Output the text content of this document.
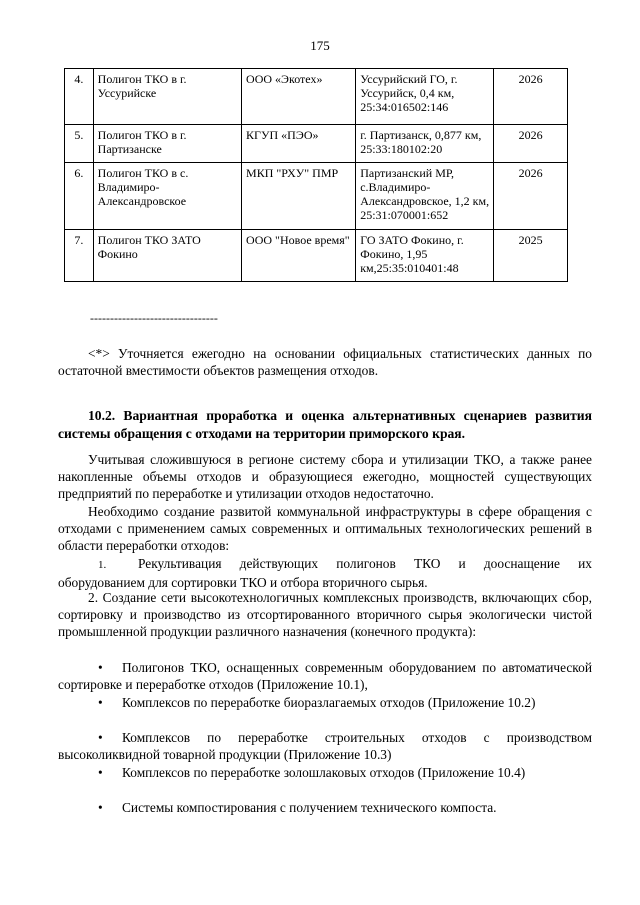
175
4.	Полигон ТКО в г. Уссурийске	ООО «Экотех»	Уссурийский ГО, г. Уссурийск, 0,4 км, 25:34:016502:146	2026
5.	Полигон ТКО в г. Партизанске	КГУП «ПЭО»	г. Партизанск, 0,877 км, 25:33:180102:20	2026
6.	Полигон ТКО в с. Владимиро-Александровское	МКП "РХУ" ПМР	Партизанский МР, с.Владимиро-Александровское, 1,2 км, 25:31:070001:652	2026
7.	Полигон ТКО ЗАТО Фокино	ООО "Новое время"	ГО ЗАТО Фокино, г. Фокино, 1,95 км,25:35:010401:48	2025
--------------------------------
<*> Уточняется ежегодно на основании официальных статистических данных по остаточной вместимости объектов размещения отходов.
10.2. Вариантная проработка и оценка альтернативных сценариев развития системы обращения с отходами на территории приморского края.
Учитывая сложившуюся в регионе систему сбора и утилизации ТКО, а также ранее накопленные объемы отходов и образующиеся ежегодно, мощностей существующих предприятий по переработке и утилизации отходов недостаточно.
Необходимо создание развитой коммунальной инфраструктуры в сфере обращения с отходами с применением самых современных и оптимальных технологических решений в области переработки отходов:
1. Рекультивация действующих полигонов ТКО и дооснащение их оборудованием для сортировки ТКО и отбора вторичного сырья.
2. Создание сети высокотехнологичных комплексных производств, включающих сбор, сортировку и производство из отсортированного вторичного сырья экологически чистой промышленной продукции различного назначения (конечного продукта):
• Полигонов ТКО, оснащенных современным оборудованием по автоматической сортировке и переработке отходов (Приложение 10.1),
• Комплексов по переработке биоразлагаемых отходов (Приложение 10.2)
• Комплексов по переработке строительных отходов с производством высоколиквидной товарной продукции (Приложение 10.3)
• Комплексов по переработке золошлаковых отходов (Приложение 10.4)
• Системы компостирования с получением технического компоста.
